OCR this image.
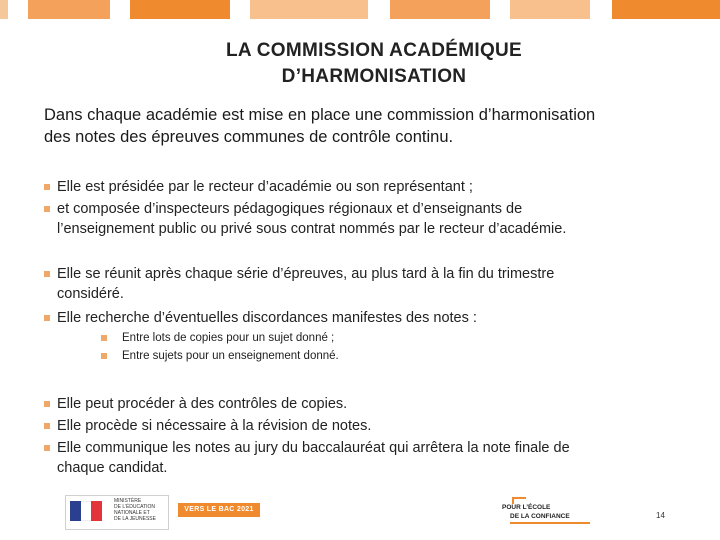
LA COMMISSION ACADÉMIQUE
D’HARMONISATION
Dans chaque académie est mise en place une commission d’harmonisation
des notes des épreuves communes de contrôle continu.
Elle est présidée par le recteur d’académie ou son représentant ;
et composée d’inspecteurs pédagogiques régionaux et d’enseignants de
l’enseignement public ou privé sous contrat nommés par le recteur d’académie.
Elle se réunit après chaque série d’épreuves, au plus tard à la fin du trimestre
considéré.
Elle recherche d’éventuelles discordances manifestes des notes :
Entre lots de copies pour un sujet donné ;
Entre sujets pour un enseignement donné.
Elle peut procéder à des contrôles de copies.
Elle procède si nécessaire à la révision de notes.
Elle communique les notes au jury du baccalauréat qui arrêtera la note finale de
chaque candidat.
MINISTÈRE
DE L’ÉDUCATION
NATIONALE ET
DE LA JEUNESSE
VERS LE BAC 2021	POUR L’ÉCOLE
DE LA CONFIANCE	14
